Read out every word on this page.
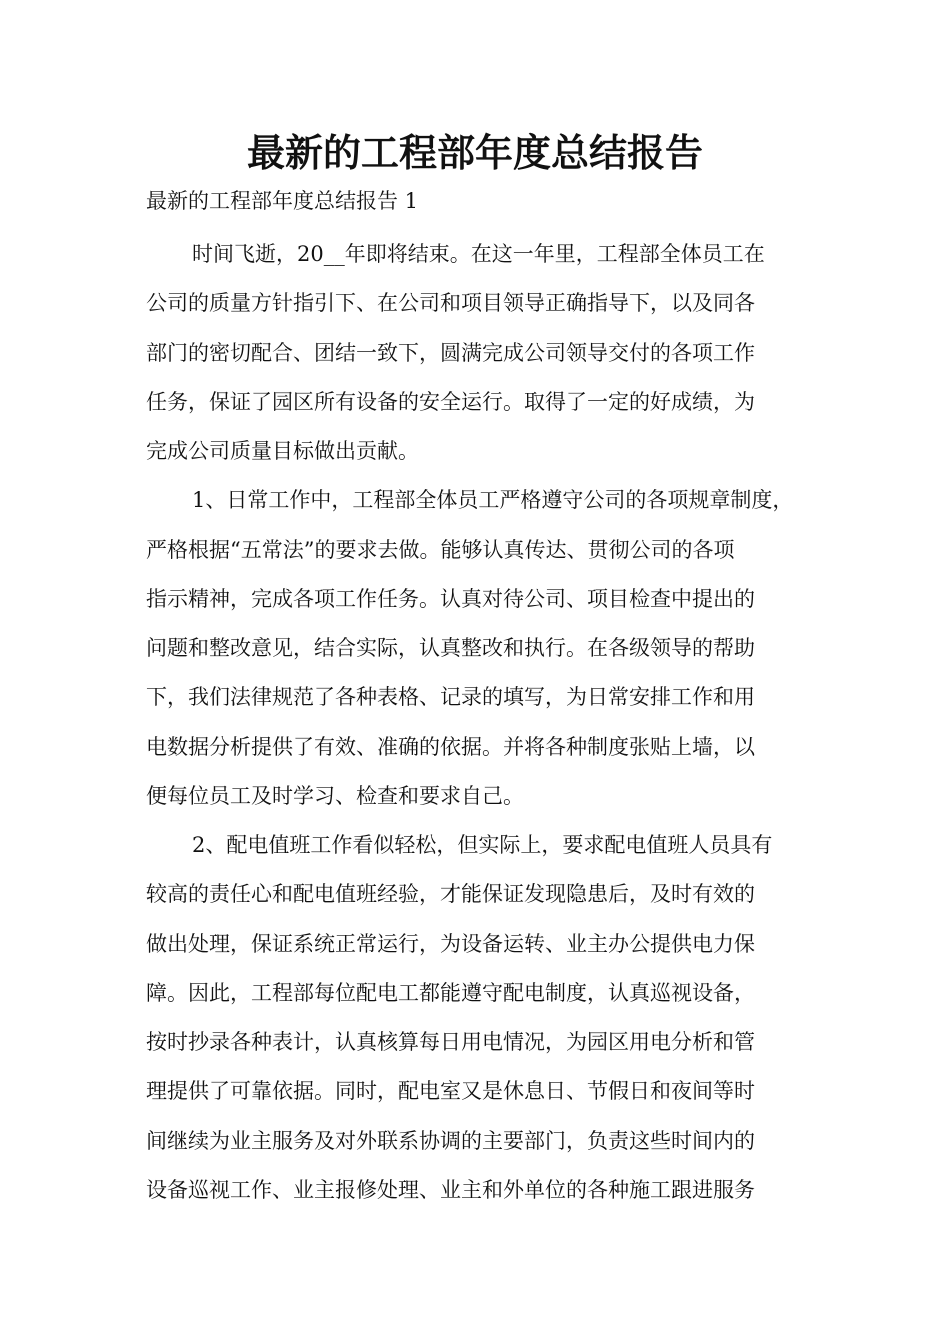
最新的工程部年度总结报告

最新的工程部年度总结报告 1

时间飞逝，20__年即将结束。在这一年里，工程部全体员工在
公司的质量方针指引下、在公司和项目领导正确指导下，以及同各
部门的密切配合、团结一致下，圆满完成公司领导交付的各项工作
任务，保证了园区所有设备的安全运行。取得了一定的好成绩，为
完成公司质量目标做出贡献。
1、日常工作中，工程部全体员工严格遵守公司的各项规章制度，
严格根据“五常法”的要求去做。能够认真传达、贯彻公司的各项
指示精神，完成各项工作任务。认真对待公司、项目检查中提出的
问题和整改意见，结合实际，认真整改和执行。在各级领导的帮助
下，我们法律规范了各种表格、记录的填写，为日常安排工作和用
电数据分析提供了有效、准确的依据。并将各种制度张贴上墙，以
便每位员工及时学习、检查和要求自己。
2、配电值班工作看似轻松，但实际上，要求配电值班人员具有
较高的责任心和配电值班经验，才能保证发现隐患后，及时有效的
做出处理，保证系统正常运行，为设备运转、业主办公提供电力保
障。因此，工程部每位配电工都能遵守配电制度，认真巡视设备，
按时抄录各种表计，认真核算每日用电情况，为园区用电分析和管
理提供了可靠依据。同时，配电室又是休息日、节假日和夜间等时
间继续为业主服务及对外联系协调的主要部门，负责这些时间内的
设备巡视工作、业主报修处理、业主和外单位的各种施工跟进服务
